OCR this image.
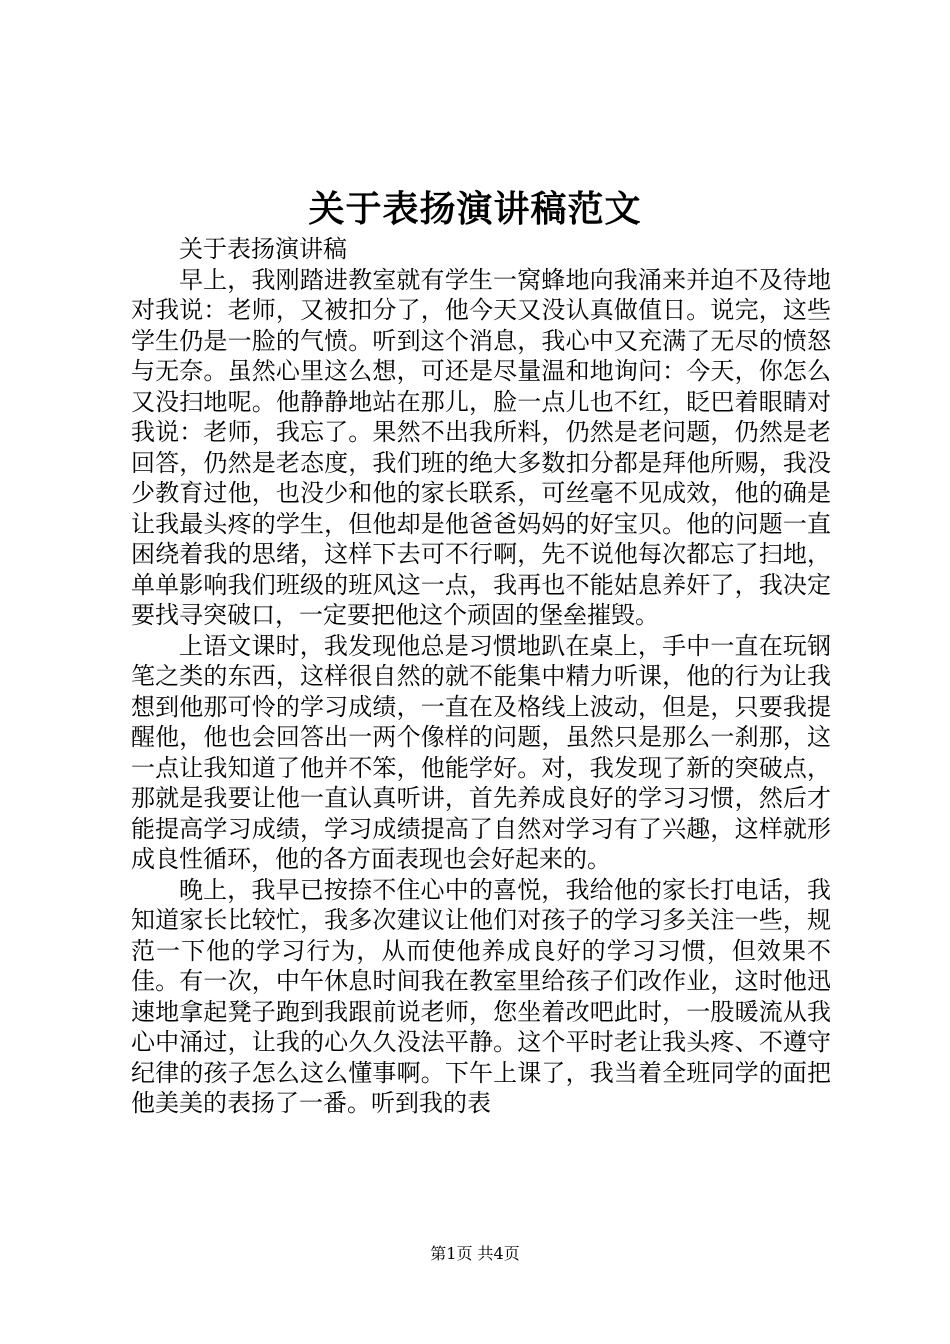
关于表扬演讲稿范文

关于表扬演讲稿

早上，我刚踏进教室就有学生一窝蜂地向我涌来并迫不及待地对我说：老师，又被扣分了，他今天又没认真做值日。说完，这些学生仍是一脸的气愤。听到这个消息，我心中又充满了无尽的愤怒与无奈。虽然心里这么想，可还是尽量温和地询问：今天，你怎么又没扫地呢。他静静地站在那儿，脸一点儿也不红，眨巴着眼睛对我说：老师，我忘了。果然不出我所料，仍然是老问题，仍然是老回答，仍然是老态度，我们班的绝大多数扣分都是拜他所赐，我没少教育过他，也没少和他的家长联系，可丝毫不见成效，他的确是让我最头疼的学生，但他却是他爸爸妈妈的好宝贝。他的问题一直困绕着我的思绪，这样下去可不行啊，先不说他每次都忘了扫地，单单影响我们班级的班风这一点，我再也不能姑息养奸了，我决定要找寻突破口，一定要把他这个顽固的堡垒摧毁。

上语文课时，我发现他总是习惯地趴在桌上，手中一直在玩钢笔之类的东西，这样很自然的就不能集中精力听课，他的行为让我想到他那可怜的学习成绩，一直在及格线上波动，但是，只要我提醒他，他也会回答出一两个像样的问题，虽然只是那么一刹那，这一点让我知道了他并不笨，他能学好。对，我发现了新的突破点，那就是我要让他一直认真听讲，首先养成良好的学习习惯，然后才能提高学习成绩，学习成绩提高了自然对学习有了兴趣，这样就形成良性循环，他的各方面表现也会好起来的。

晚上，我早已按捺不住心中的喜悦，我给他的家长打电话，我知道家长比较忙，我多次建议让他们对孩子的学习多关注一些，规范一下他的学习行为，从而使他养成良好的学习习惯，但效果不佳。有一次，中午休息时间我在教室里给孩子们改作业，这时他迅速地拿起凳子跑到我跟前说老师，您坐着改吧此时，一股暖流从我心中涌过，让我的心久久没法平静。这个平时老让我头疼、不遵守纪律的孩子怎么这么懂事啊。下午上课了，我当着全班同学的面把他美美的表扬了一番。听到我的表

第1页 共4页
